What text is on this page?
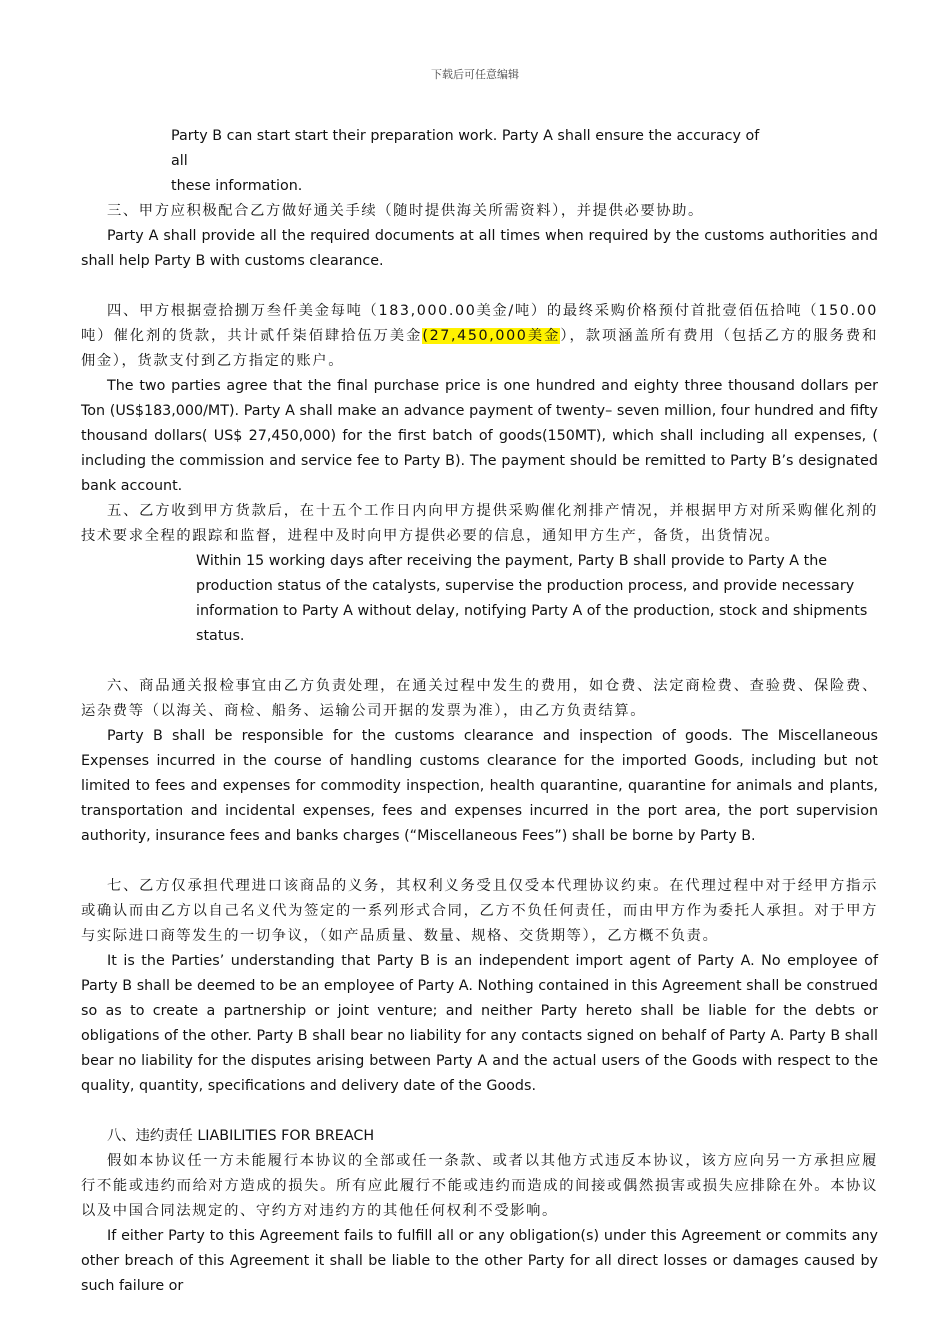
下载后可任意编辑

Party B can start start their preparation work. Party A shall ensure the accuracy of all
these information.

三、甲方应积极配合乙方做好通关手续（随时提供海关所需资料），并提供必要协助。

Party A shall provide all the required documents at all times when required by the customs authorities and shall help Party B with customs clearance.

四、甲方根据壹拾捌万叁仟美金每吨（183,000.00美金/吨）的最终采购价格预付首批壹佰伍拾吨（150.00吨）催化剂的货款，共计贰仟柒佰肆拾伍万美金(27,450,000美金），款项涵盖所有费用（包括乙方的服务费和佣金），货款支付到乙方指定的账户。

The two parties agree that the final purchase price is one hundred and eighty three thousand dollars per Ton (US$183,000/MT). Party A shall make an advance payment of twenty– seven million, four hundred and fifty thousand dollars( US$ 27,450,000) for the first batch of goods(150MT), which shall including all expenses, ( including the commission and service fee to Party B). The payment should be remitted to Party B’s designated bank account.

五、乙方收到甲方货款后，在十五个工作日内向甲方提供采购催化剂排产情况，并根据甲方对所采购催化剂的技术要求全程的跟踪和监督，进程中及时向甲方提供必要的信息，通知甲方生产，备货，出货情况。

Within 15 working days after receiving the payment, Party B shall provide to Party A the production status of the catalysts, supervise the production process, and provide necessary information to Party A without delay, notifying Party A of the production, stock and shipments status.

六、商品通关报检事宜由乙方负责处理，在通关过程中发生的费用，如仓费、法定商检费、查验费、保险费、运杂费等（以海关、商检、船务、运输公司开据的发票为准），由乙方负责结算。

Party B shall be responsible for the customs clearance and inspection of goods. The Miscellaneous Expenses incurred in the course of handling customs clearance for the imported Goods, including but not limited to fees and expenses for commodity inspection, health quarantine, quarantine for animals and plants, transportation and incidental expenses, fees and expenses incurred in the port area, the port supervision authority, insurance fees and banks charges (“Miscellaneous Fees”) shall be borne by Party B.

七、乙方仅承担代理进口该商品的义务，其权利义务受且仅受本代理协议约束。在代理过程中对于经甲方指示或确认而由乙方以自己名义代为签定的一系列形式合同，乙方不负任何责任，而由甲方作为委托人承担。对于甲方与实际进口商等发生的一切争议，（如产品质量、数量、规格、交货期等），乙方概不负责。

It is the Parties’ understanding that Party B is an independent import agent of Party A. No employee of Party B shall be deemed to be an employee of Party A. Nothing contained in this Agreement shall be construed so as to create a partnership or joint venture; and neither Party hereto shall be liable for the debts or obligations of the other. Party B shall bear no liability for any contacts signed on behalf of Party A. Party B shall bear no liability for the disputes arising between Party A and the actual users of the Goods with respect to the quality, quantity, specifications and delivery date of the Goods.

八、违约责任 LIABILITIES FOR BREACH

假如本协议任一方未能履行本协议的全部或任一条款、或者以其他方式违反本协议，该方应向另一方承担应履行不能或违约而给对方造成的损失。所有应此履行不能或违约而造成的间接或偶然损害或损失应排除在外。本协议以及中国合同法规定的、守约方对违约方的其他任何权利不受影响。

If either Party to this Agreement fails to fulfill all or any obligation(s) under this Agreement or commits any other breach of this Agreement it shall be liable to the other Party for all direct losses or damages caused by such failure or
